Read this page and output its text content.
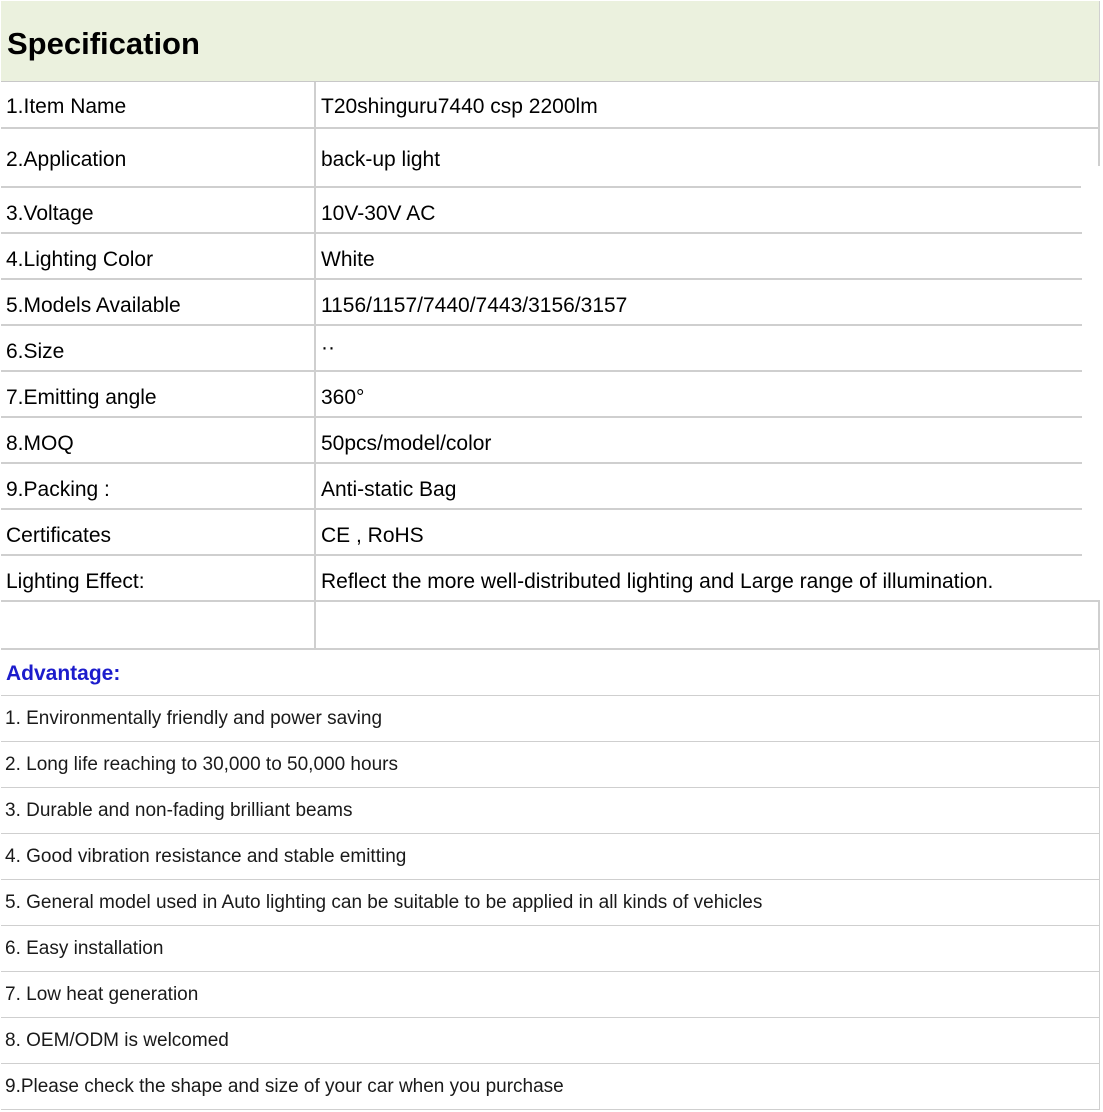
Specification
1.Item Name	T20shinguru7440 csp 2200lm
2.Application	back-up light
3.Voltage	10V-30V AC
4.Lighting Color	White
5.Models Available	1156/1157/7440/7443/3156/3157
6.Size	··
7.Emitting angle	360°
8.MOQ	50pcs/model/color
9.Packing :	Anti-static Bag
Certificates	CE , RoHS
Lighting Effect:	Reflect the more well-distributed lighting and Large range of illumination.
Advantage:
1. Environmentally friendly and power saving
2. Long life reaching to 30,000 to 50,000 hours
3. Durable and non-fading brilliant beams
4. Good vibration resistance and stable emitting
5. General model used in Auto lighting can be suitable to be applied in all kinds of vehicles
6. Easy installation
7. Low heat generation
8. OEM/ODM is welcomed
9.Please check the shape and size of your car when you purchase
